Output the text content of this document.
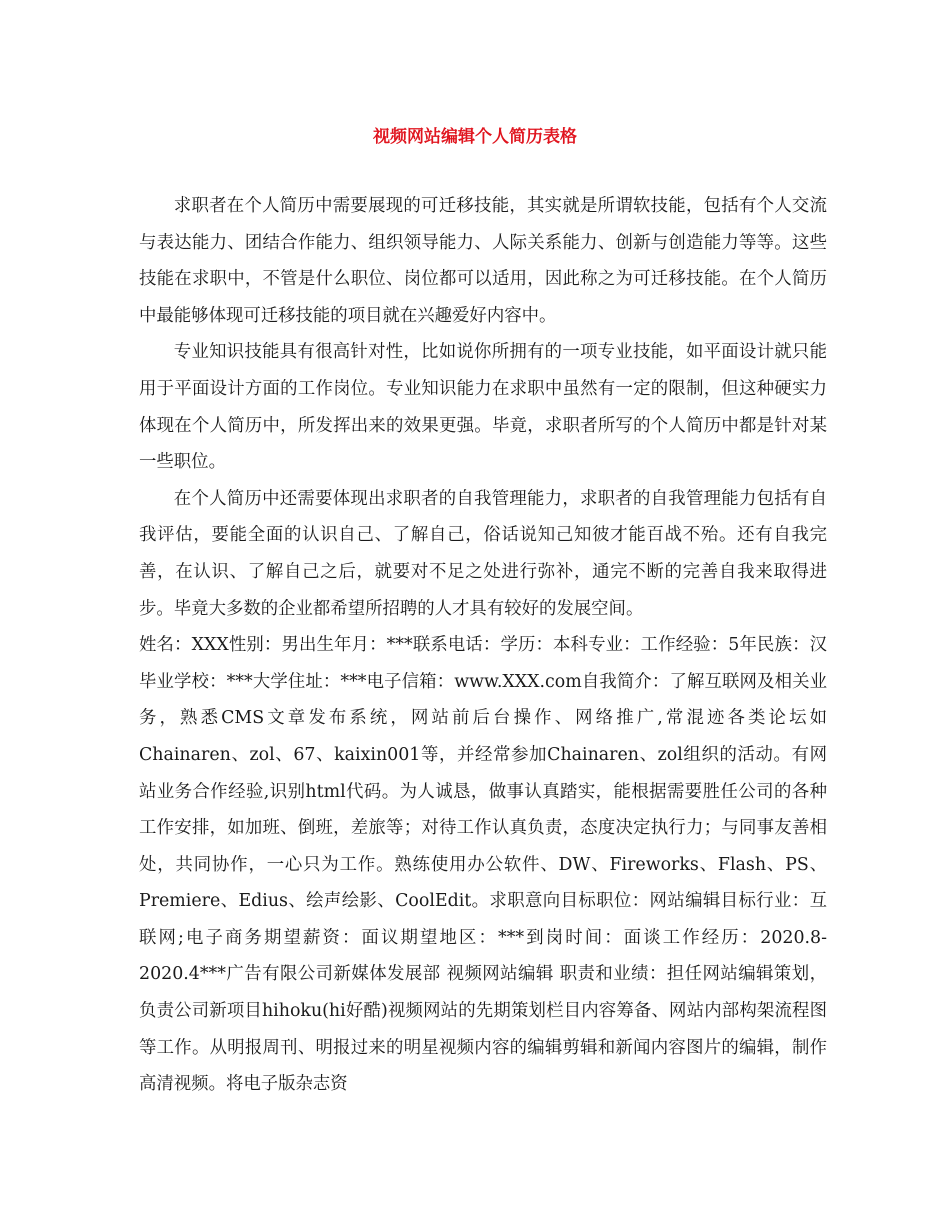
视频网站编辑个人简历表格

求职者在个人简历中需要展现的可迁移技能，其实就是所谓软技能，包括有个人交流与表达能力、团结合作能力、组织领导能力、人际关系能力、创新与创造能力等等。这些技能在求职中，不管是什么职位、岗位都可以适用，因此称之为可迁移技能。在个人简历中最能够体现可迁移技能的项目就在兴趣爱好内容中。

专业知识技能具有很高针对性，比如说你所拥有的一项专业技能，如平面设计就只能用于平面设计方面的工作岗位。专业知识能力在求职中虽然有一定的限制，但这种硬实力体现在个人简历中，所发挥出来的效果更强。毕竟，求职者所写的个人简历中都是针对某一些职位。

在个人简历中还需要体现出求职者的自我管理能力，求职者的自我管理能力包括有自我评估，要能全面的认识自己、了解自己，俗话说知己知彼才能百战不殆。还有自我完善，在认识、了解自己之后，就要对不足之处进行弥补，通完不断的完善自我来取得进步。毕竟大多数的企业都希望所招聘的人才具有较好的发展空间。

姓名：XXX性别：男出生年月：***联系电话：学历：本科专业：工作经验：5年民族：汉毕业学校：***大学住址：***电子信箱：www.XXX.com自我简介：了解互联网及相关业务，熟悉CMS文章发布系统，网站前后台操作、网络推广,常混迹各类论坛如Chainaren、zol、67、kaixin001等，并经常参加Chainaren、zol组织的活动。有网站业务合作经验,识别html代码。为人诚恳，做事认真踏实，能根据需要胜任公司的各种工作安排，如加班、倒班，差旅等；对待工作认真负责，态度决定执行力；与同事友善相处，共同协作，一心只为工作。熟练使用办公软件、DW、Fireworks、Flash、PS、Premiere、Edius、绘声绘影、CoolEdit。求职意向目标职位：网站编辑目标行业：互联网;电子商务期望薪资：面议期望地区：***到岗时间：面谈工作经历：2020.8-2020.4***广告有限公司新媒体发展部 视频网站编辑 职责和业绩：担任网站编辑策划，负责公司新项目hihoku(hi好酷)视频网站的先期策划栏目内容筹备、网站内部构架流程图等工作。从明报周刊、明报过来的明星视频内容的编辑剪辑和新闻内容图片的编辑，制作高清视频。将电子版杂志资
